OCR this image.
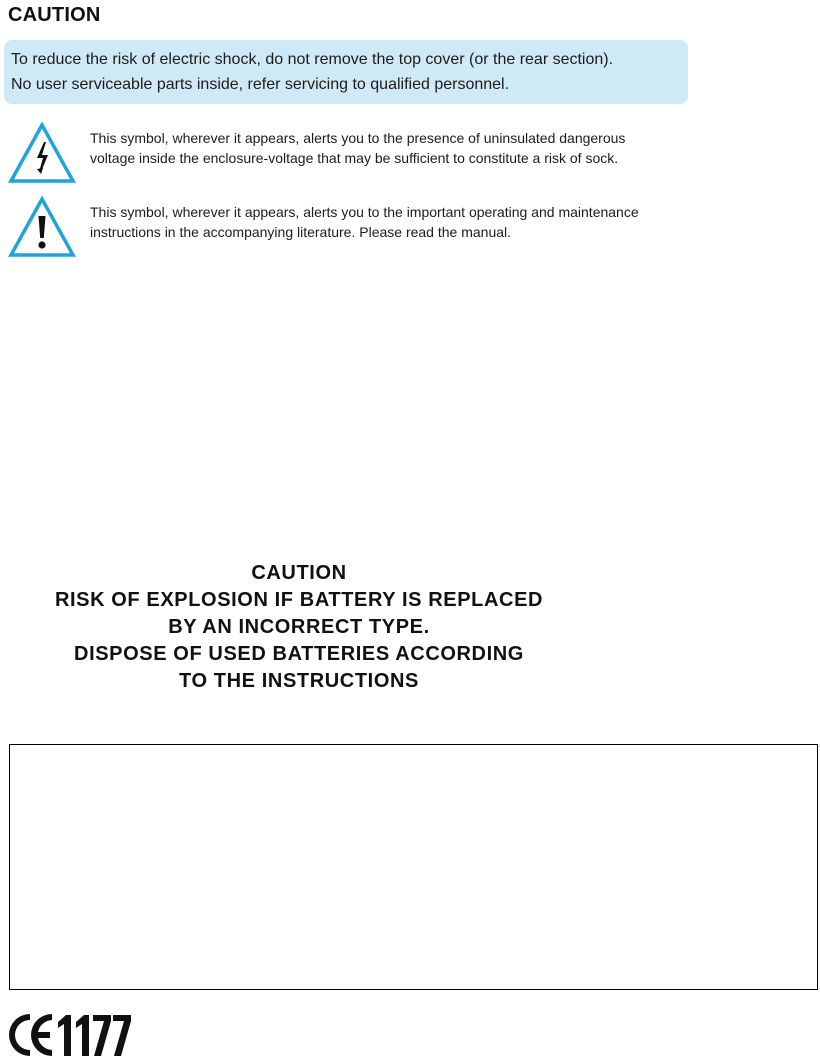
CAUTION
To reduce the risk of electric shock, do not remove the top cover (or the rear section).
No user serviceable parts inside, refer servicing to qualified personnel.
This symbol, wherever it appears, alerts you to the presence of uninsulated dangerous
voltage inside the enclosure-voltage that may be sufficient to constitute a risk of sock.
This symbol, wherever it appears, alerts you to the important operating and maintenance
instructions in the accompanying literature. Please read the manual.
CAUTION
RISK OF EXPLOSION IF BATTERY IS REPLACED
BY AN INCORRECT TYPE.
DISPOSE OF USED BATTERIES ACCORDING
TO THE INSTRUCTIONS
